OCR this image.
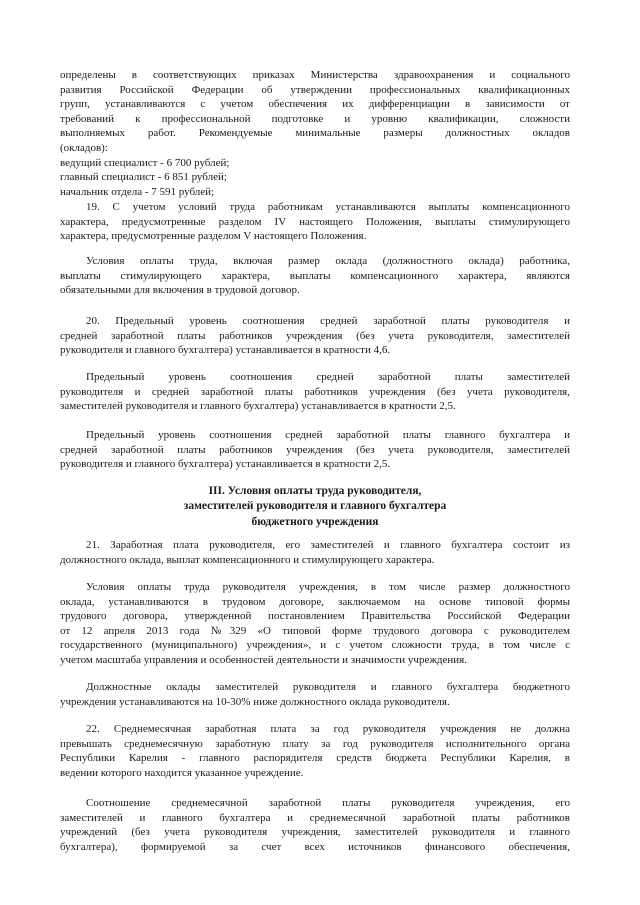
определены в соответствующих приказах Министерства здравоохранения и социального
развития Российской Федерации об утверждении профессиональных квалификационных
групп, устанавливаются с учетом обеспечения их дифференциации в зависимости от
требований к профессиональной подготовке и уровню квалификации, сложности
выполняемых работ. Рекомендуемые минимальные размеры должностных окладов
(окладов):
ведущий специалист - 6 700 рублей;
главный специалист - 6 851 рублей;
начальник отдела - 7 591 рублей;
19. С учетом условий труда работникам устанавливаются выплаты компенсационного
характера, предусмотренные разделом IV настоящего Положения, выплаты стимулирующего
характера, предусмотренные разделом V настоящего Положения.
Условия оплаты труда, включая размер оклада (должностного оклада) работника,
выплаты стимулирующего характера, выплаты компенсационного характера, являются
обязательными для включения в трудовой договор.
20. Предельный уровень соотношения средней заработной платы руководителя и
средней заработной платы работников учреждения (без учета руководителя, заместителей
руководителя и главного бухгалтера) устанавливается в кратности 4,6.
Предельный уровень соотношения средней заработной платы заместителей
руководителя и средней заработной платы работников учреждения (без учета руководителя,
заместителей руководителя и главного бухгалтера) устанавливается в кратности 2,5.
Предельный уровень соотношения средней заработной платы главного бухгалтера и
средней заработной платы работников учреждения (без учета руководителя, заместителей
руководителя и главного бухгалтера) устанавливается в кратности 2,5.
III. Условия оплаты труда руководителя,
заместителей руководителя и главного бухгалтера
бюджетного учреждения
21. Заработная плата руководителя, его заместителей и главного бухгалтера состоит из
должностного оклада, выплат компенсационного и стимулирующего характера.
Условия оплаты труда руководителя учреждения, в том числе размер должностного
оклада, устанавливаются в трудовом договоре, заключаемом на основе типовой формы
трудового договора, утвержденной постановлением Правительства Российской Федерации
от 12 апреля 2013 года №329 «О типовой форме трудового договора с руководителем
государственного (муниципального) учреждения», и с учетом сложности труда, в том числе с
учетом масштаба управления и особенностей деятельности и значимости учреждения.
Должностные оклады заместителей руководителя и главного бухгалтера бюджетного
учреждения устанавливаются на 10-30% ниже должностного оклада руководителя.
22. Среднемесячная заработная плата за год руководителя учреждения не должна
превышать среднемесячную заработную плату за год руководителя исполнительного органа
Республики Карелия - главного распорядителя средств бюджета Республики Карелия, в
ведении которого находится указанное учреждение.
Соотношение среднемесячной заработной платы руководителя учреждения, его
заместителей и главного бухгалтера и среднемесячной заработной платы работников
учреждений (без учета руководителя учреждения, заместителей руководителя и главного
бухгалтера), формируемой за счет всех источников финансового обеспечения,
